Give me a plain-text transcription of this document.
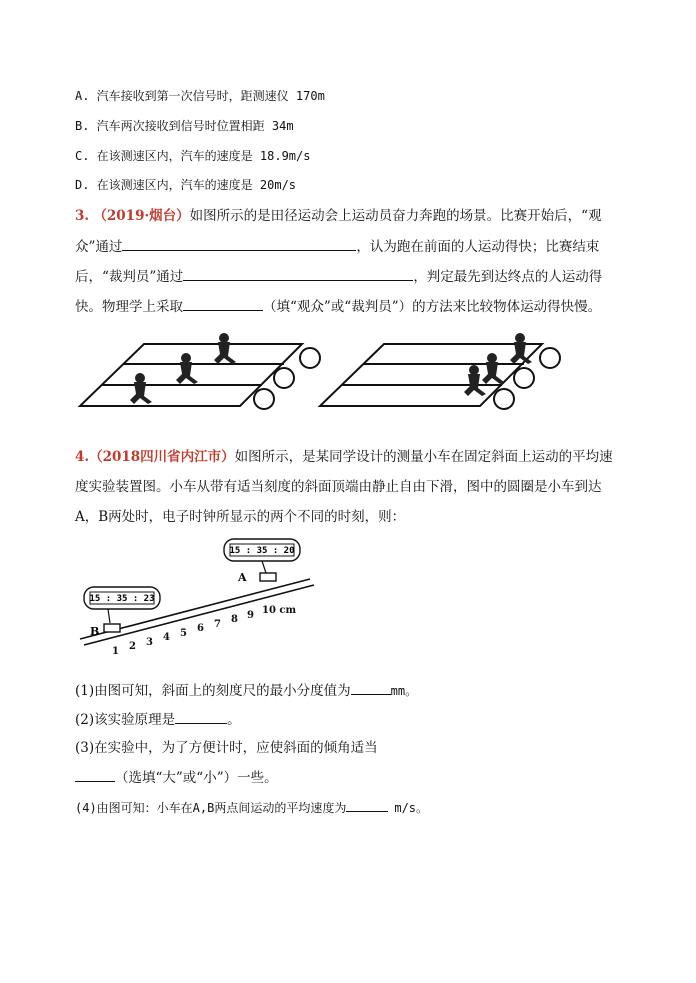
A. 汽车接收到第一次信号时，距测速仪 170m
B. 汽车两次接收到信号时位置相距 34m
C. 在该测速区内，汽车的速度是 18.9m/s
D. 在该测速区内，汽车的速度是 20m/s
3. （2019·烟台）如图所示的是田径运动会上运动员奋力奔跑的场景。比赛开始后，“观
众”通过	，认为跑在前面的人运动得快；比赛结束
后，“裁判员”通过	，判定最先到达终点的人运动得
快。物理学上采取	（填“观众”或“裁判员”）的方法来比较物体运动得快慢。
4.（2018四川省内江市）如图所示，是某同学设计的测量小车在固定斜面上运动的平均速
度实验装置图。小车从带有适当刻度的斜面顶端由静止自由下滑，图中的圆圈是小车到达
A，B两处时，电子时钟所显示的两个不同的时刻，则：
1 2 3 4 5 6 7 8 9 10 cm
B
A
15 : 35 : 23
15 : 35 : 20
(1)由图可知，斜面上的刻度尺的最小分度值为	mm。
(2)该实验原理是	。
(3)在实验中，为了方便计时，应使斜面的倾角适当
（选填“大”或“小”）一些。
(4)由图可知：小车在A,B两点间运动的平均速度为	m/s。
